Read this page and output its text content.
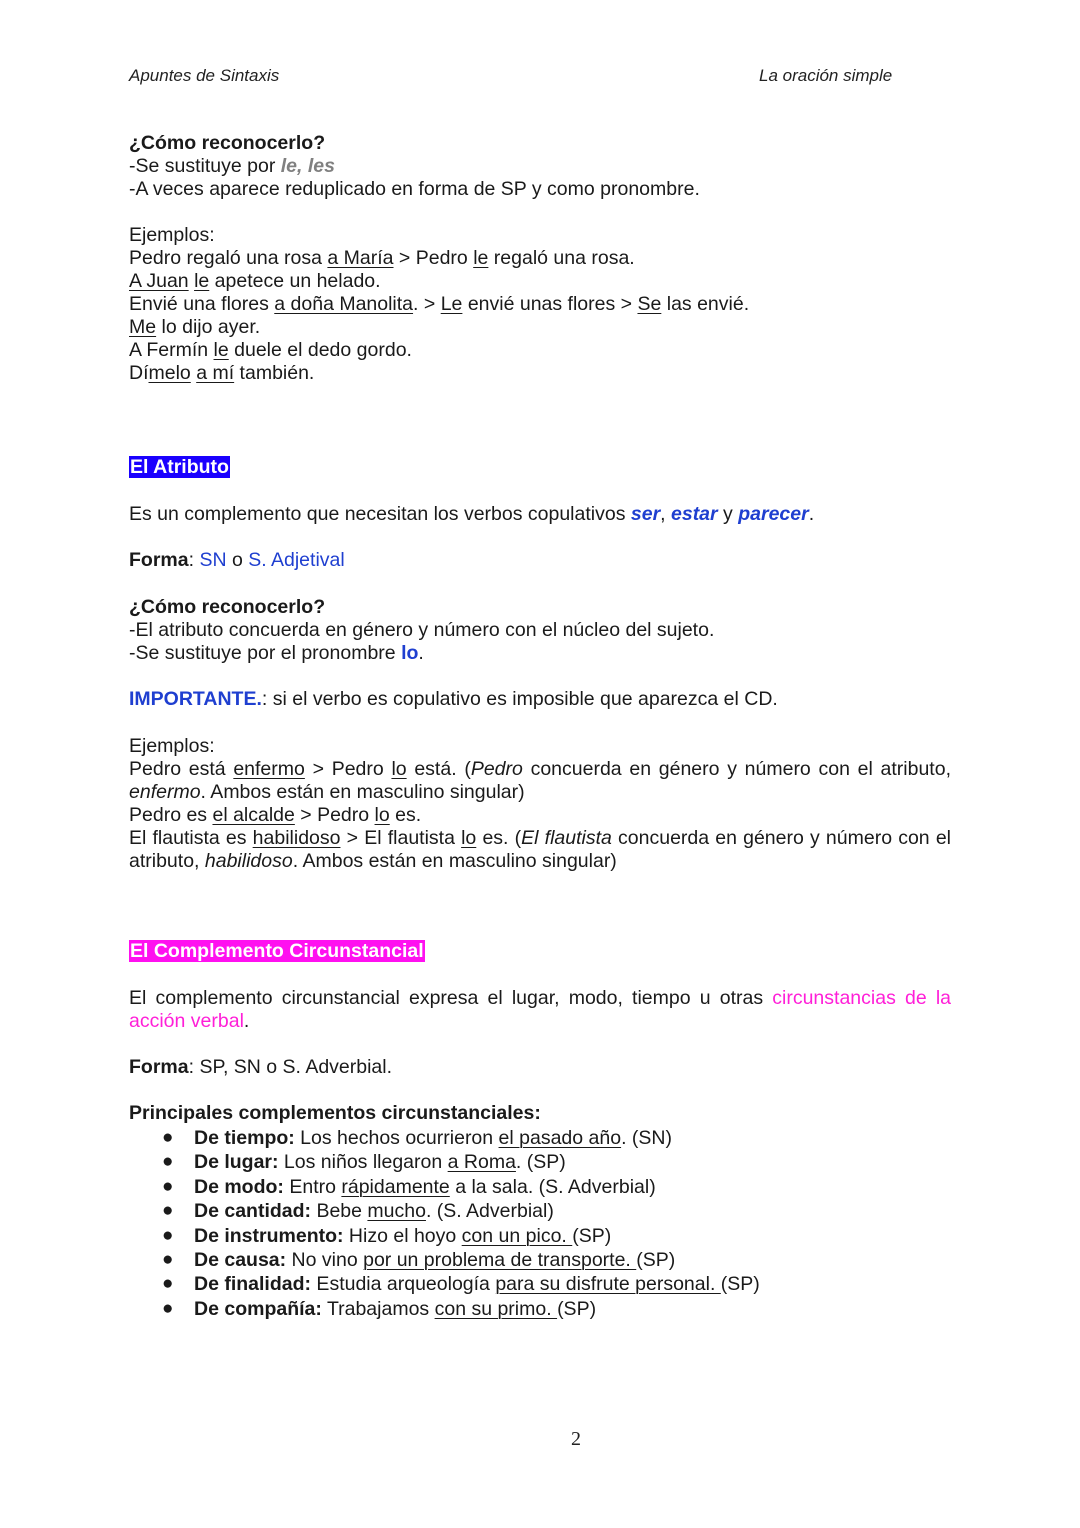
Apuntes de Sintaxis	La oración simple
¿Cómo reconocerlo?
-Se sustituye por le, les
-A veces aparece reduplicado en forma de SP y como pronombre.
Ejemplos:
Pedro regaló una rosa a María > Pedro le regaló una rosa.
A Juan le apetece un helado.
Envié una flores a doña Manolita. > Le envié unas flores > Se las envié.
Me lo dijo ayer.
A Fermín le duele el dedo gordo.
Dímelo a mí también.
El Atributo
Es un complemento que necesitan los verbos copulativos ser, estar y parecer.
Forma: SN o S. Adjetival
¿Cómo reconocerlo?
-El atributo concuerda en género y número con el núcleo del sujeto.
-Se sustituye por el pronombre lo.
IMPORTANTE.: si el verbo es copulativo es imposible que aparezca el CD.
Ejemplos:
Pedro está enfermo > Pedro lo está. (Pedro concuerda en género y número con el atributo, enfermo. Ambos están en masculino singular)
Pedro es el alcalde > Pedro lo es.
El flautista es habilidoso > El flautista lo es. (El flautista concuerda en género y número con el atributo, habilidoso. Ambos están en masculino singular)
El Complemento Circunstancial
El complemento circunstancial expresa el lugar, modo, tiempo u otras circunstancias de la acción verbal.
Forma: SP, SN o S. Adverbial.
Principales complementos circunstanciales:
● De tiempo: Los hechos ocurrieron el pasado año. (SN)
● De lugar: Los niños llegaron a Roma. (SP)
● De modo: Entro rápidamente a la sala. (S. Adverbial)
● De cantidad: Bebe mucho. (S. Adverbial)
● De instrumento: Hizo el hoyo con un pico. (SP)
● De causa: No vino por un problema de transporte. (SP)
● De finalidad: Estudia arqueología para su disfrute personal. (SP)
● De compañía: Trabajamos con su primo. (SP)
2
